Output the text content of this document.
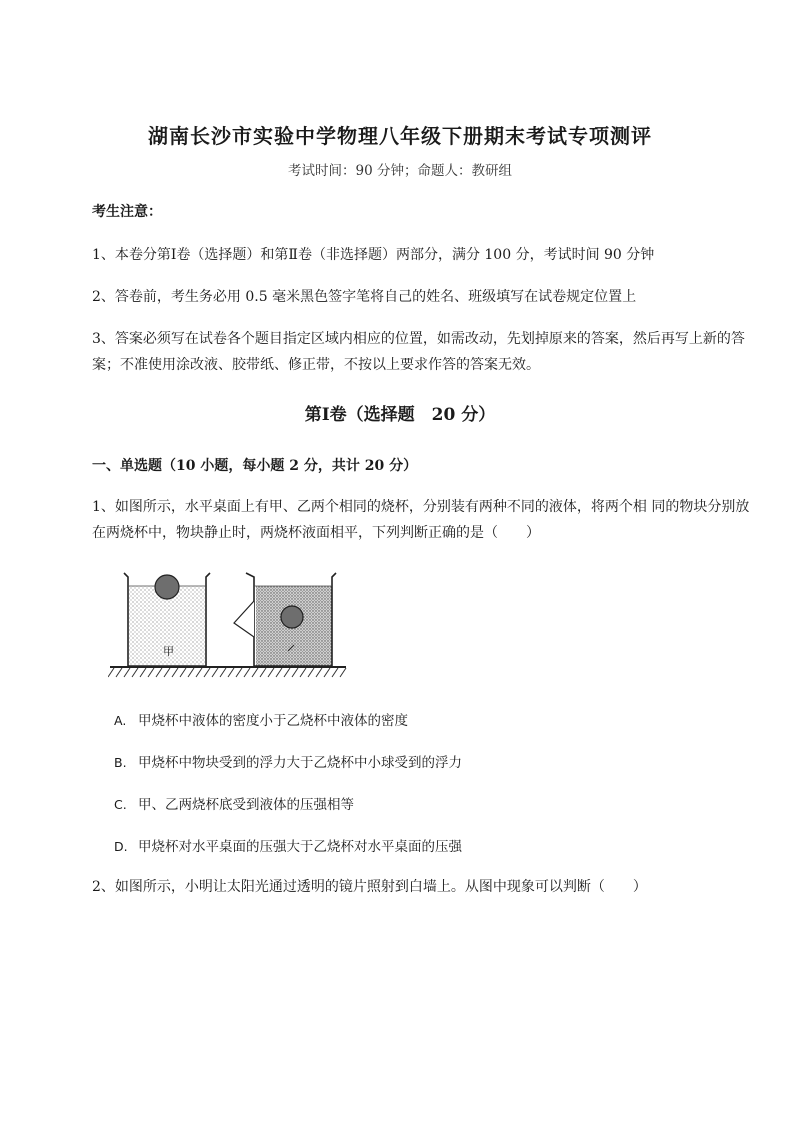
湖南长沙市实验中学物理八年级下册期末考试专项测评
考试时间：90 分钟；命题人：教研组
考生注意：
1、本卷分第Ⅰ卷（选择题）和第Ⅱ卷（非选择题）两部分，满分 100 分，考试时间 90 分钟
2、答卷前，考生务必用 0.5 毫米黑色签字笔将自己的姓名、班级填写在试卷规定位置上
3、答案必须写在试卷各个题目指定区域内相应的位置，如需改动，先划掉原来的答案，然后再写上新的答案；不准使用涂改液、胶带纸、修正带，不按以上要求作答的答案无效。
第Ⅰ卷（选择题　20 分）
一、单选题（10 小题，每小题 2 分，共计 20 分）
1、如图所示，水平桌面上有甲、乙两个相同的烧杯，分别装有两种不同的液体，将两个相 同的物块分别放在两烧杯中，物块静止时，两烧杯液面相平，下列判断正确的是（　　）
甲
A. 甲烧杯中液体的密度小于乙烧杯中液体的密度
B. 甲烧杯中物块受到的浮力大于乙烧杯中小球受到的浮力
C. 甲、乙两烧杯底受到液体的压强相等
D. 甲烧杯对水平桌面的压强大于乙烧杯对水平桌面的压强
2、如图所示，小明让太阳光通过透明的镜片照射到白墙上。从图中现象可以判断（　　）
